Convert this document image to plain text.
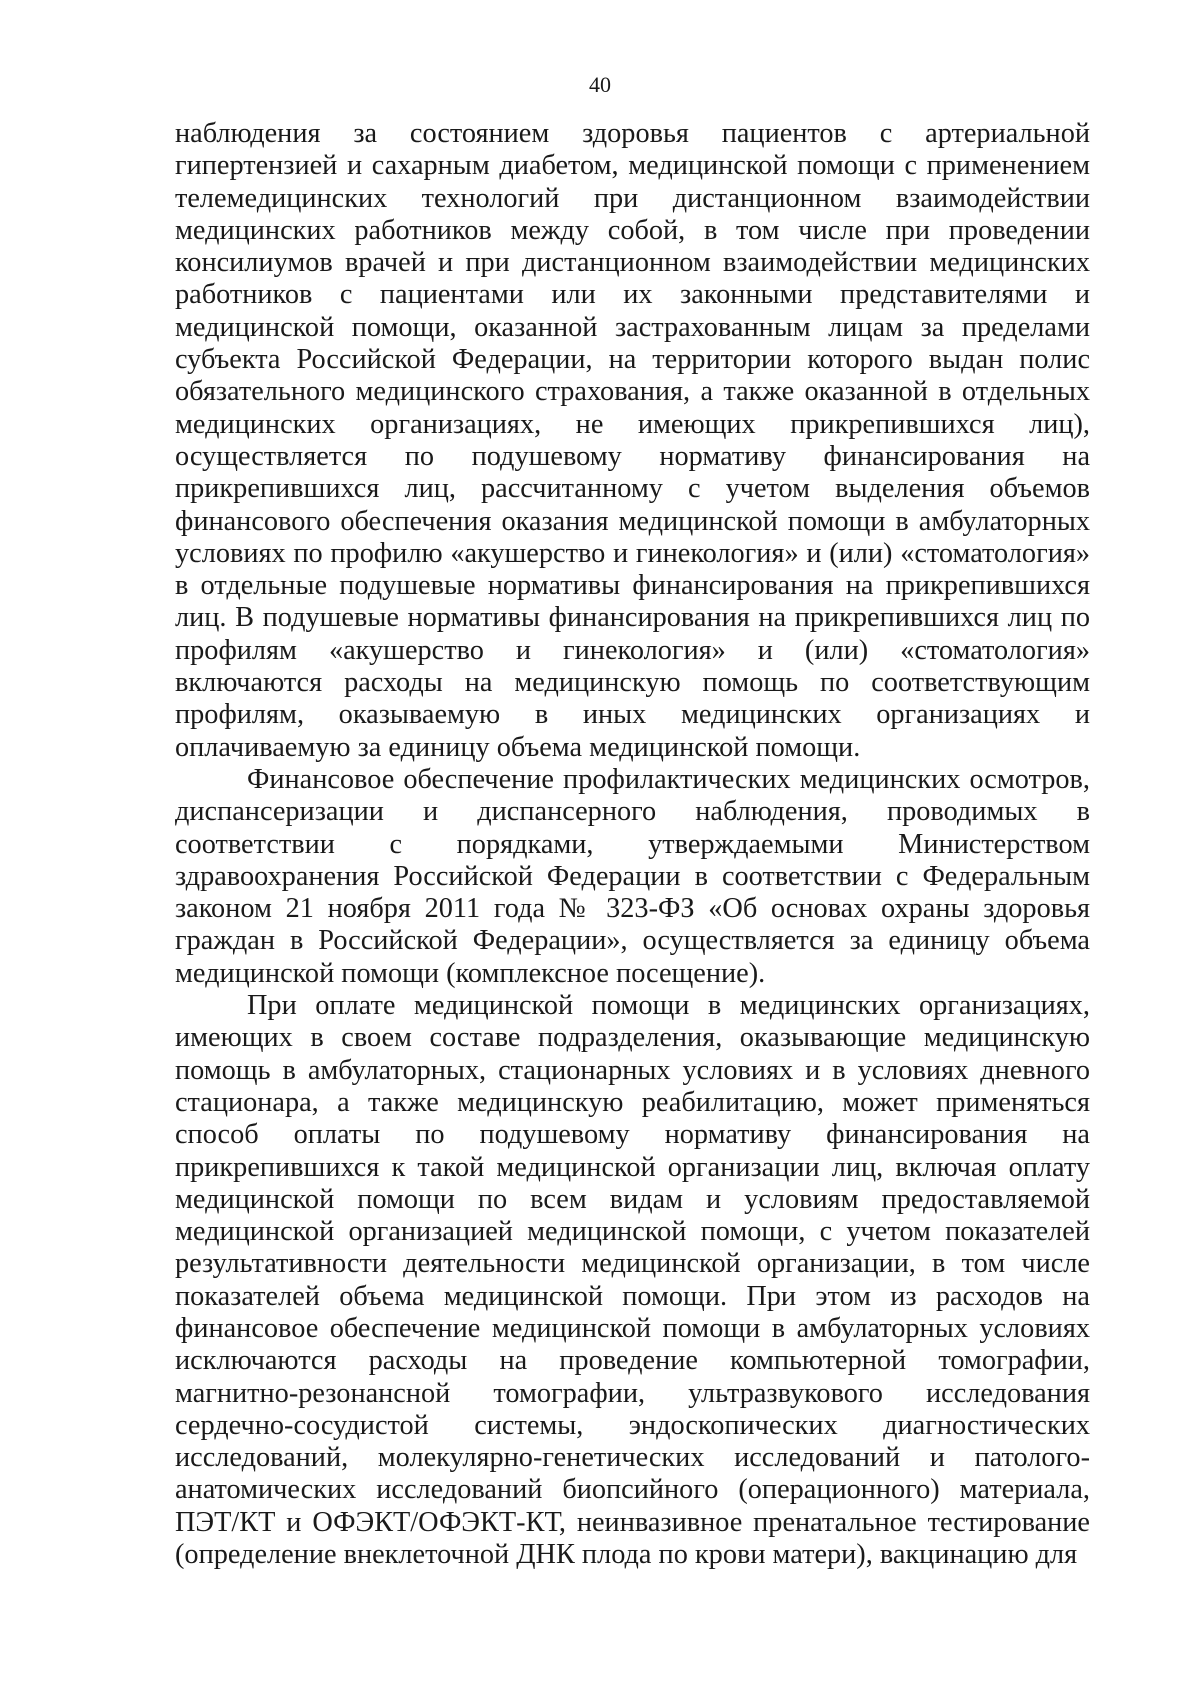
40

наблюдения за состоянием здоровья пациентов с артериальной гипертензией и сахарным диабетом, медицинской помощи с применением телемедицинских технологий при дистанционном взаимодействии медицинских работников между собой, в том числе при проведении консилиумов врачей и при дистанционном взаимодействии медицинских работников с пациентами или их законными представителями и медицинской помощи, оказанной застрахованным лицам за пределами субъекта Российской Федерации, на территории которого выдан полис обязательного медицинского страхования, а также оказанной в отдельных медицинских организациях, не имеющих прикрепившихся лиц), осуществляется по подушевому нормативу финансирования на прикрепившихся лиц, рассчитанному с учетом выделения объемов финансового обеспечения оказания медицинской помощи в амбулаторных условиях по профилю «акушерство и гинекология» и (или) «стоматология» в отдельные подушевые нормативы финансирования на прикрепившихся лиц. В подушевые нормативы финансирования на прикрепившихся лиц по профилям «акушерство и гинекология» и (или) «стоматология» включаются расходы на медицинскую помощь по соответствующим профилям, оказываемую в иных медицинских организациях и оплачиваемую за единицу объема медицинской помощи.

Финансовое обеспечение профилактических медицинских осмотров, диспансеризации и диспансерного наблюдения, проводимых в соответствии с порядками, утверждаемыми Министерством здравоохранения Российской Федерации в соответствии с Федеральным законом 21 ноября 2011 года № 323-ФЗ «Об основах охраны здоровья граждан в Российской Федерации», осуществляется за единицу объема медицинской помощи (комплексное посещение).

При оплате медицинской помощи в медицинских организациях, имеющих в своем составе подразделения, оказывающие медицинскую помощь в амбулаторных, стационарных условиях и в условиях дневного стационара, а также медицинскую реабилитацию, может применяться способ оплаты по подушевому нормативу финансирования на прикрепившихся к такой медицинской организации лиц, включая оплату медицинской помощи по всем видам и условиям предоставляемой медицинской организацией медицинской помощи, с учетом показателей результативности деятельности медицинской организации, в том числе показателей объема медицинской помощи. При этом из расходов на финансовое обеспечение медицинской помощи в амбулаторных условиях исключаются расходы на проведение компьютерной томографии, магнитно-резонансной томографии, ультразвукового исследования сердечно-сосудистой системы, эндоскопических диагностических исследований, молекулярно-генетических исследований и патолого-анатомических исследований биопсийного (операционного) материала, ПЭТ/КТ и ОФЭКТ/ОФЭКТ-КТ, неинвазивное пренатальное тестирование (определение внеклеточной ДНК плода по крови матери), вакцинацию для
